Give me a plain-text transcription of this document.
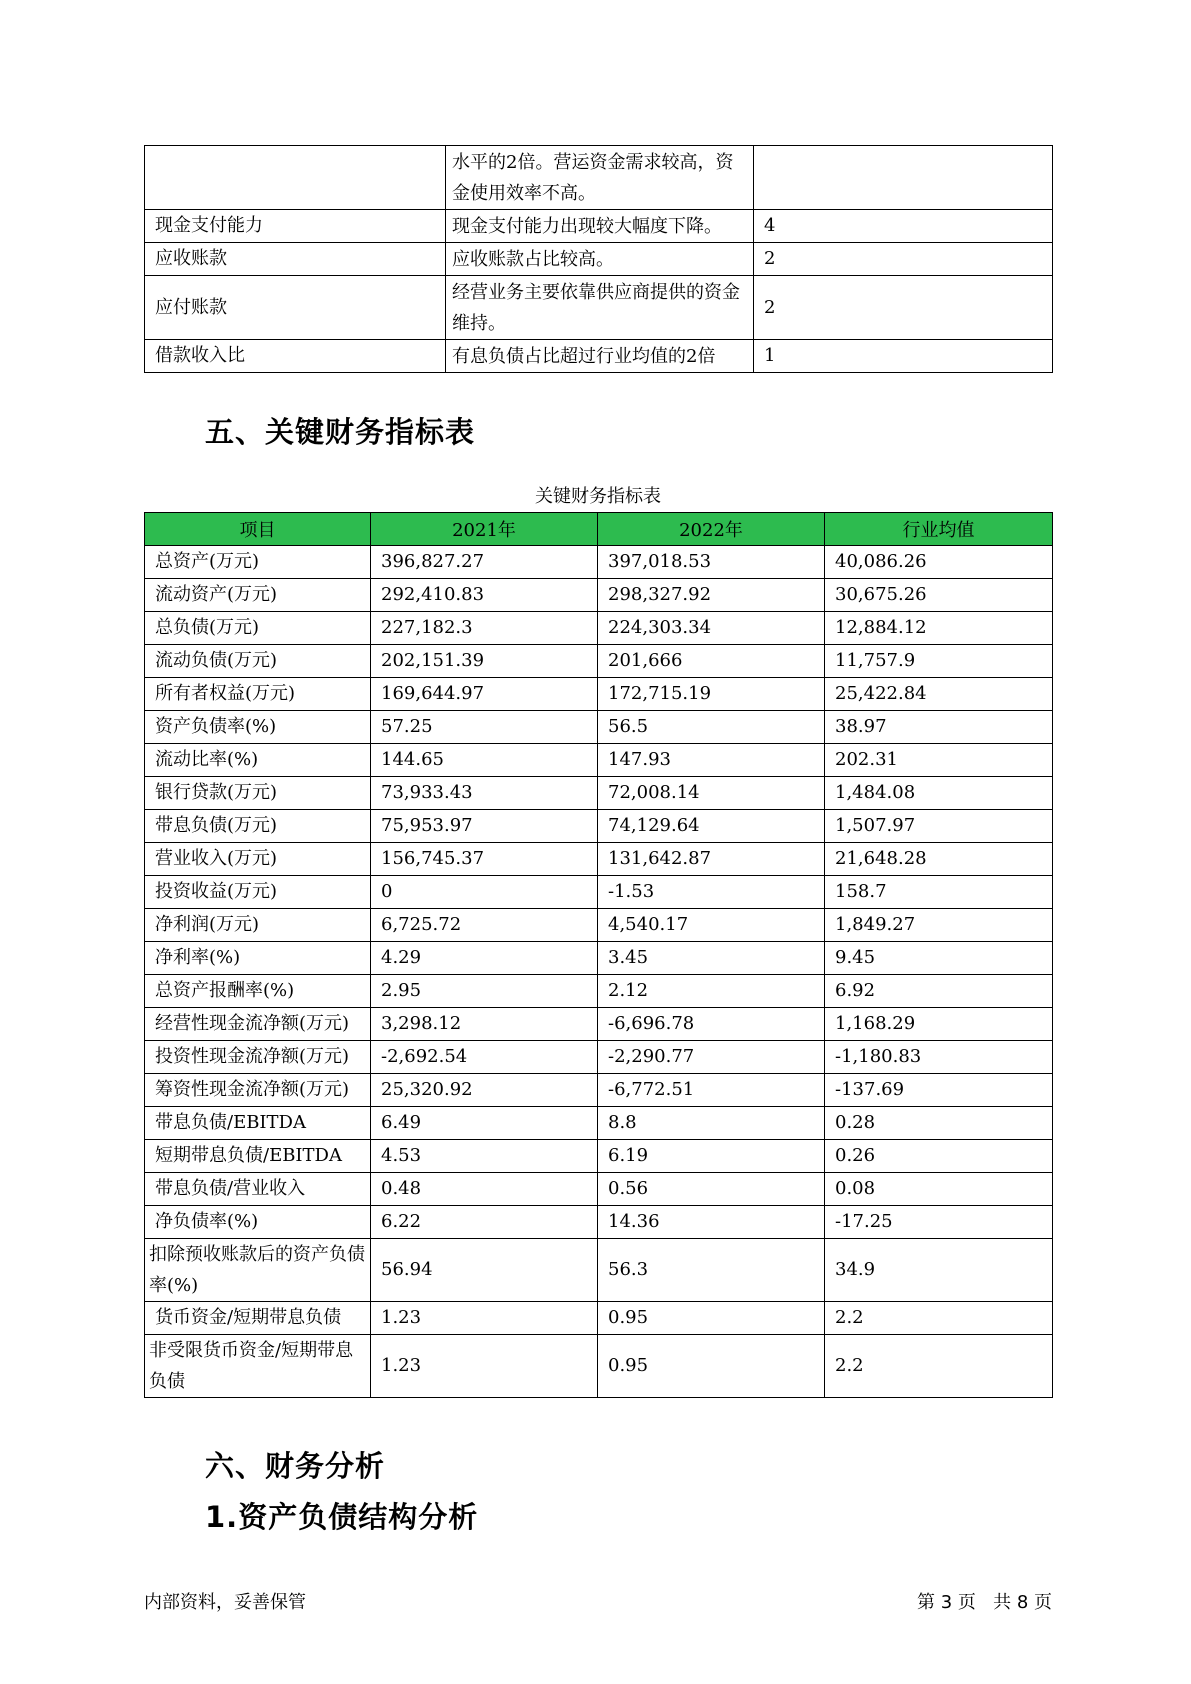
	水平的2倍。营运资金需求较高，资金使用效率不高。	
现金支付能力	现金支付能力出现较大幅度下降。	4
应收账款	应收账款占比较高。	2
应付账款	经营业务主要依靠供应商提供的资金维持。	2
借款收入比	有息负债占比超过行业均值的2倍	1
五、关键财务指标表
关键财务指标表
项目	2021年	2022年	行业均值
总资产(万元)	396,827.27	397,018.53	40,086.26
流动资产(万元)	292,410.83	298,327.92	30,675.26
总负债(万元)	227,182.3	224,303.34	12,884.12
流动负债(万元)	202,151.39	201,666	11,757.9
所有者权益(万元)	169,644.97	172,715.19	25,422.84
资产负债率(%)	57.25	56.5	38.97
流动比率(%)	144.65	147.93	202.31
银行贷款(万元)	73,933.43	72,008.14	1,484.08
带息负债(万元)	75,953.97	74,129.64	1,507.97
营业收入(万元)	156,745.37	131,642.87	21,648.28
投资收益(万元)	0	-1.53	158.7
净利润(万元)	6,725.72	4,540.17	1,849.27
净利率(%)	4.29	3.45	9.45
总资产报酬率(%)	2.95	2.12	6.92
经营性现金流净额(万元)	3,298.12	-6,696.78	1,168.29
投资性现金流净额(万元)	-2,692.54	-2,290.77	-1,180.83
筹资性现金流净额(万元)	25,320.92	-6,772.51	-137.69
带息负债/EBITDA	6.49	8.8	0.28
短期带息负债/EBITDA	4.53	6.19	0.26
带息负债/营业收入	0.48	0.56	0.08
净负债率(%)	6.22	14.36	-17.25
扣除预收账款后的资产负债率(%)	56.94	56.3	34.9
货币资金/短期带息负债	1.23	0.95	2.2
非受限货币资金/短期带息负债	1.23	0.95	2.2
六、财务分析
1.资产负债结构分析
内部资料，妥善保管	第 3 页   共 8 页
